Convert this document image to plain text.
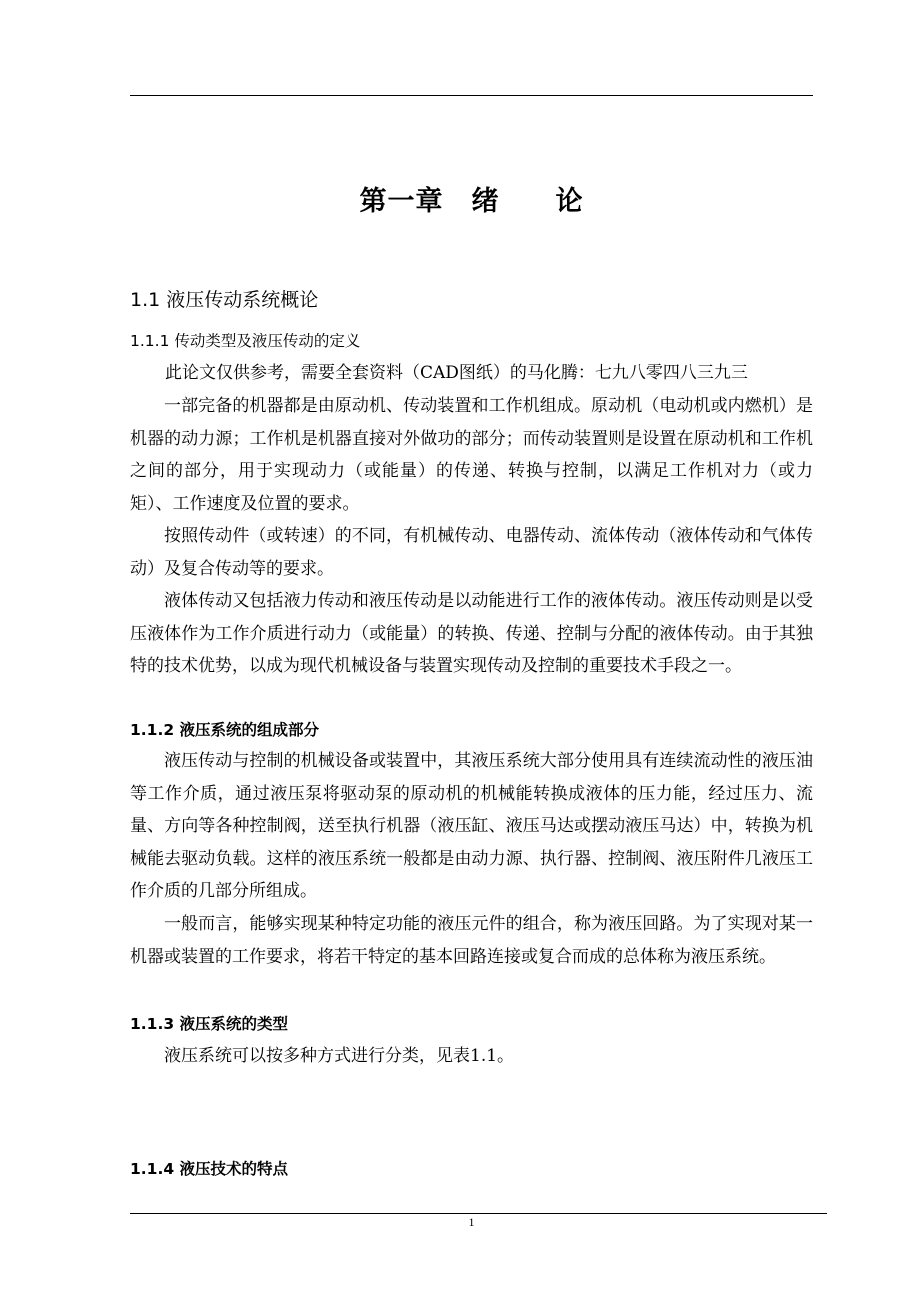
第一章　绪　　论
1.1 液压传动系统概论
1.1.1 传动类型及液压传动的定义
此论文仅供参考，需要全套资料（CAD图纸）的马化腾：七九八零四八三九三
一部完备的机器都是由原动机、传动装置和工作机组成。原动机（电动机或内燃机）是机器的动力源；工作机是机器直接对外做功的部分；而传动装置则是设置在原动机和工作机之间的部分，用于实现动力（或能量）的传递、转换与控制，以满足工作机对力（或力矩）、工作速度及位置的要求。
按照传动件（或转速）的不同，有机械传动、电器传动、流体传动（液体传动和气体传动）及复合传动等的要求。
液体传动又包括液力传动和液压传动是以动能进行工作的液体传动。液压传动则是以受压液体作为工作介质进行动力（或能量）的转换、传递、控制与分配的液体传动。由于其独特的技术优势，以成为现代机械设备与装置实现传动及控制的重要技术手段之一。
1.1.2 液压系统的组成部分
液压传动与控制的机械设备或装置中，其液压系统大部分使用具有连续流动性的液压油等工作介质，通过液压泵将驱动泵的原动机的机械能转换成液体的压力能，经过压力、流量、方向等各种控制阀，送至执行机器（液压缸、液压马达或摆动液压马达）中，转换为机械能去驱动负载。这样的液压系统一般都是由动力源、执行器、控制阀、液压附件几液压工作介质的几部分所组成。
一般而言，能够实现某种特定功能的液压元件的组合，称为液压回路。为了实现对某一机器或装置的工作要求，将若干特定的基本回路连接或复合而成的总体称为液压系统。
1.1.3 液压系统的类型
液压系统可以按多种方式进行分类，见表1.1。
1.1.4 液压技术的特点
1
